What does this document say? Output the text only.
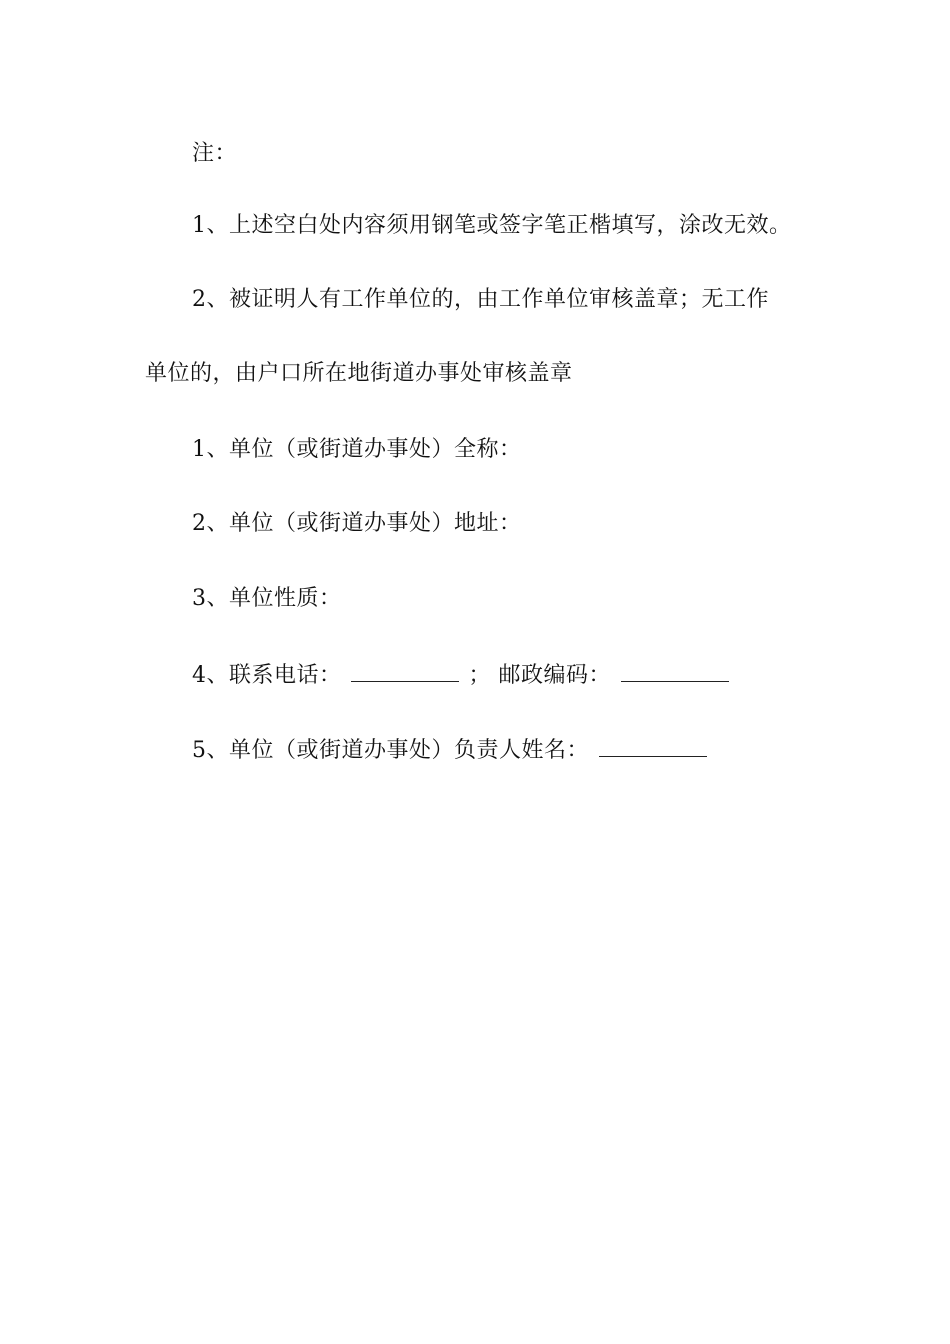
注：
1、上述空白处内容须用钢笔或签字笔正楷填写，涂改无效。
2、被证明人有工作单位的，由工作单位审核盖章；无工作
单位的，由户口所在地街道办事处审核盖章
1、单位（或街道办事处）全称：
2、单位（或街道办事处）地址：
3、单位性质：
4、联系电话：	； 邮政编码：
5、单位（或街道办事处）负责人姓名：
